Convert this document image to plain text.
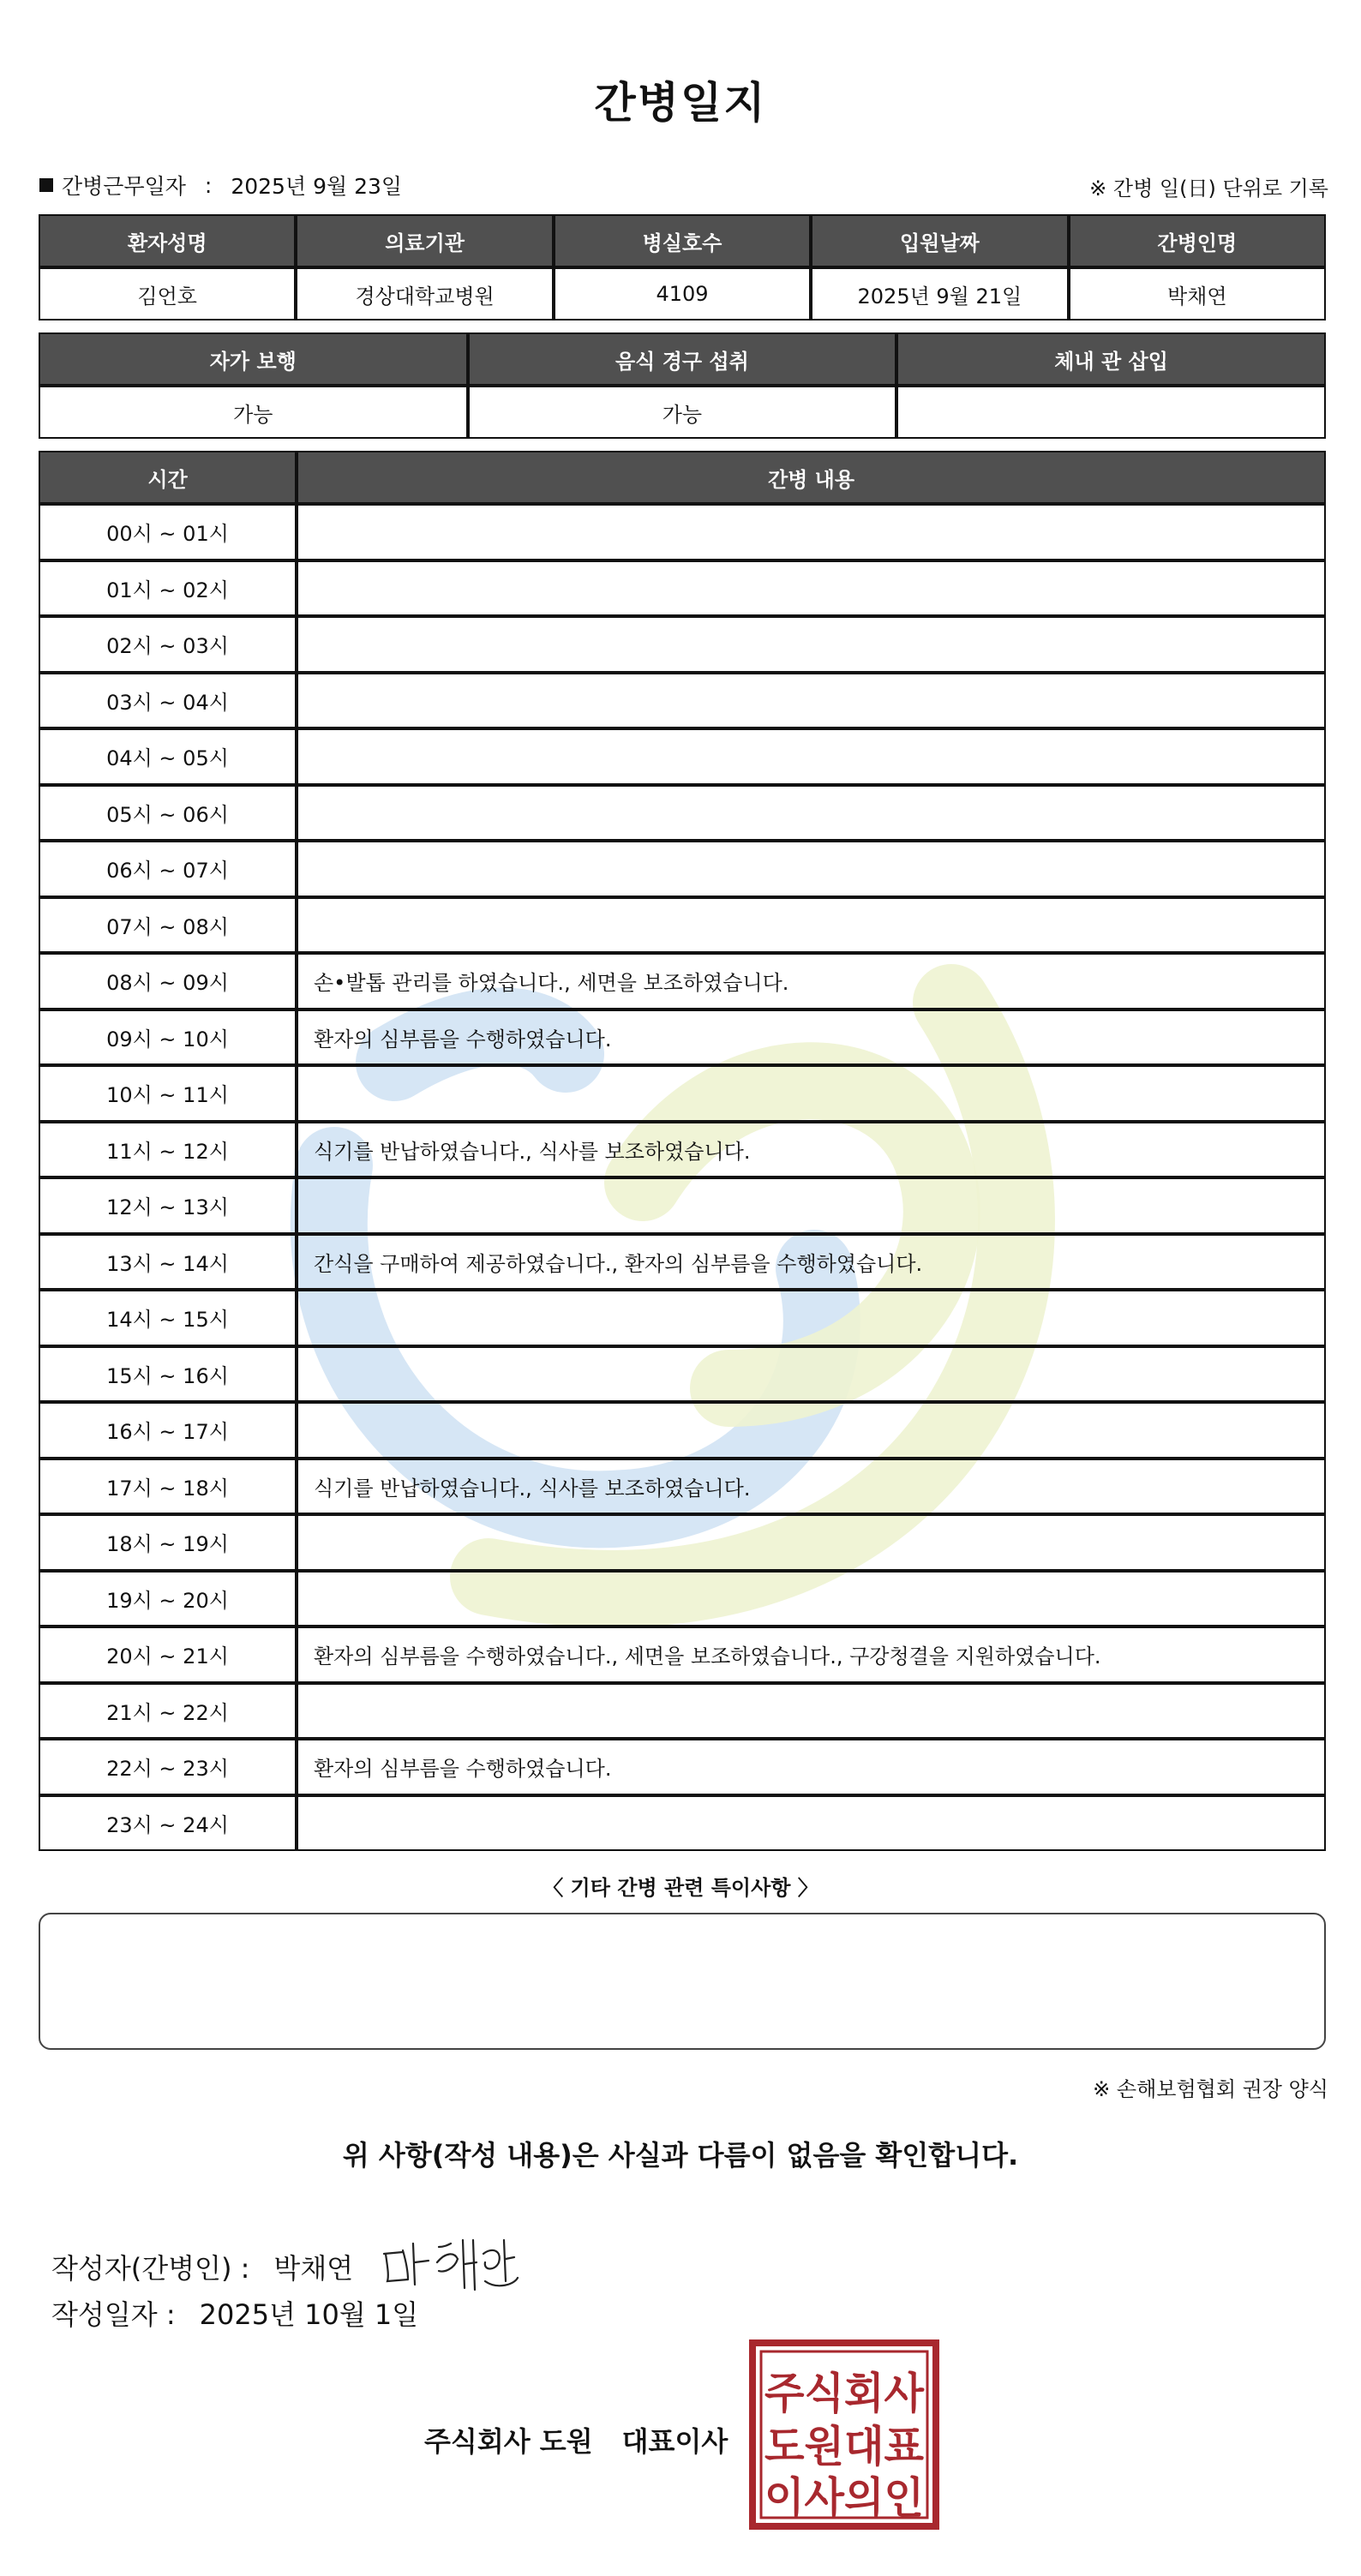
간병일지
간병근무일자 : 2025년 9월 23일	※ 간병 일(日) 단위로 기록
환자성명	의료기관	병실호수	입원날짜	간병인명
김언호	경상대학교병원	4109	2025년 9월 21일	박채연
자가 보행	음식 경구 섭취	체내 관 삽입
가능	가능	
시간	간병 내용
00시 ~ 01시	
01시 ~ 02시	
02시 ~ 03시	
03시 ~ 04시	
04시 ~ 05시	
05시 ~ 06시	
06시 ~ 07시	
07시 ~ 08시	
08시 ~ 09시	손•발톱 관리를 하였습니다., 세면을 보조하였습니다.
09시 ~ 10시	환자의 심부름을 수행하였습니다.
10시 ~ 11시	
11시 ~ 12시	식기를 반납하였습니다., 식사를 보조하였습니다.
12시 ~ 13시	
13시 ~ 14시	간식을 구매하여 제공하였습니다., 환자의 심부름을 수행하였습니다.
14시 ~ 15시	
15시 ~ 16시	
16시 ~ 17시	
17시 ~ 18시	식기를 반납하였습니다., 식사를 보조하였습니다.
18시 ~ 19시	
19시 ~ 20시	
20시 ~ 21시	환자의 심부름을 수행하였습니다., 세면을 보조하였습니다., 구강청결을 지원하였습니다.
21시 ~ 22시	
22시 ~ 23시	환자의 심부름을 수행하였습니다.
23시 ~ 24시	
〈 기타 간병 관련 특이사항 〉
※ 손해보험협회 권장 양식
위 사항(작성 내용)은 사실과 다름이 없음을 확인합니다.
작성자(간병인) : 박채연
작성일자 : 2025년 10월 1일
주식회사 도원 대표이사
주식회사
도원대표
이사의인
